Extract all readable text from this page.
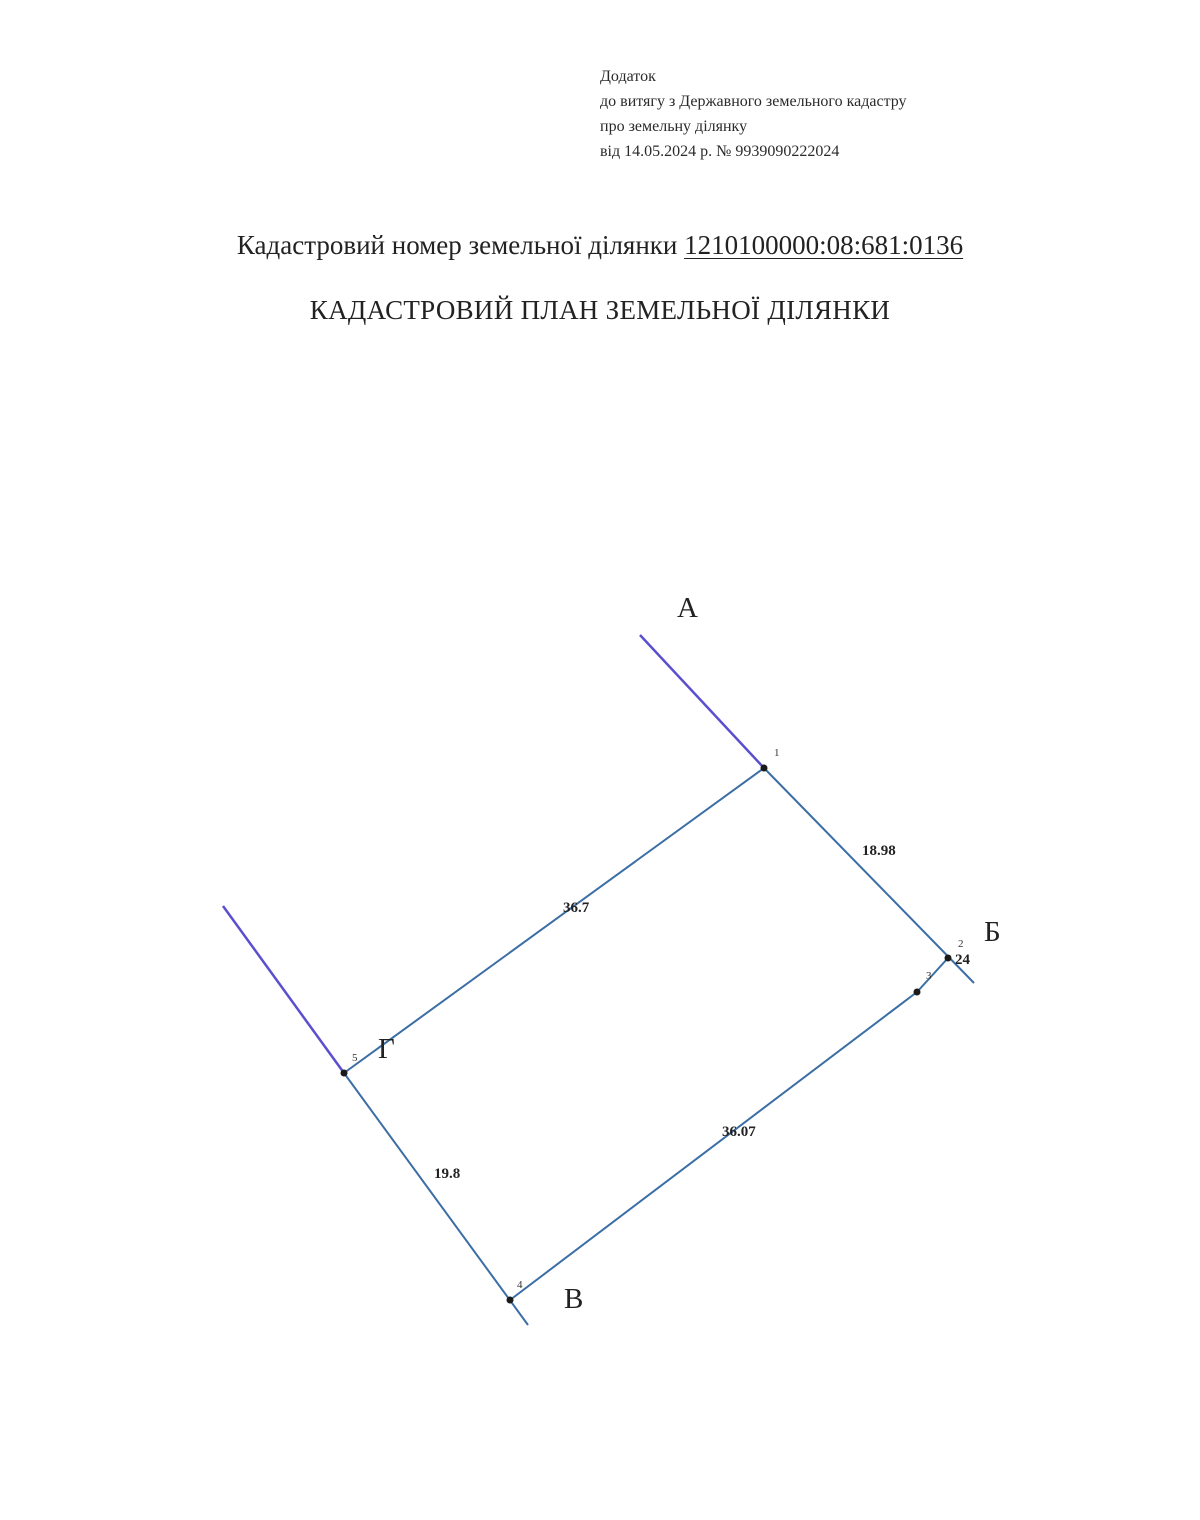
Додаток
до витягу з Державного земельного кадастру
про земельну ділянку
від 14.05.2024 р. № 9939090222024
Кадастровий номер земельної ділянки 1210100000:08:681:0136
КАДАСТРОВИЙ ПЛАН ЗЕМЕЛЬНОЇ ДІЛЯНКИ
1
2
3
4
5
24
18.98
36.7
36.07
19.8
А
Б
В
Г
